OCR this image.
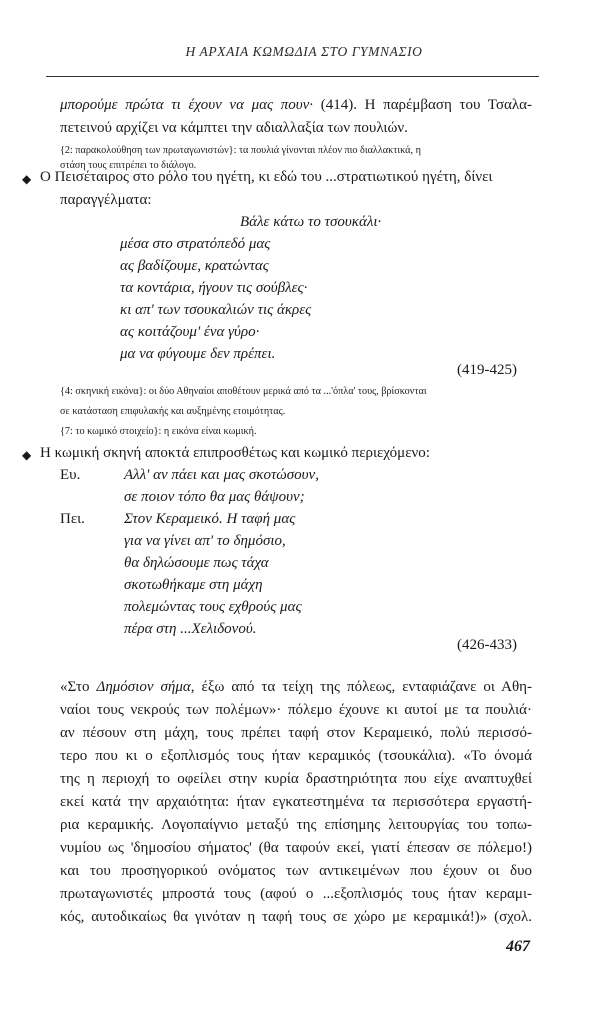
Η ΑΡΧΑΙΑ ΚΩΜΩΔΙΑ ΣΤΟ ΓΥΜΝΑΣΙΟ
μπορούμε πρώτα τι έχουν να μας πουν· (414). Η παρέμβαση του Τσαλα-
πετεινού αρχίζει να κάμπτει την αδιαλλαξία των πουλιών.
{2: παρακολούθηση των πρωταγωνιστών}: τα πουλιά γίνονται πλέον πιο διαλλακτικά, η
στάση τους επιτρέπει το διάλογο.
◆ Ο Πεισέταιρος στο ρόλο του ηγέτη, κι εδώ του ...στρατιωτικού ηγέτη, δίνει
παραγγέλματα:
Βάλε κάτω το τσουκάλι·
μέσα στο στρατόπεδό μας
ας βαδίζουμε, κρατώντας
τα κοντάρια, ήγουν τις σούβλες·
κι απ' των τσουκαλιών τις άκρες
ας κοιτάζουμ' ένα γύρο·
μα να φύγουμε δεν πρέπει.
(419-425)
{4: σκηνική εικόνα}: οι δύο Αθηναίοι αποθέτουν μερικά από τα ...'όπλα' τους, βρίσκονται
σε κατάσταση επιφυλακής και αυξημένης ετοιμότητας.
{7: το κωμικό στοιχείο}: η εικόνα είναι κωμική.
◆ Η κωμική σκηνή αποκτά επιπροσθέτως και κωμικό περιεχόμενο:
Ευ.	Αλλ' αν πάει και μας σκοτώσουν,
σε ποιον τόπο θα μας θάψουν;
Πει.	Στον Κεραμεικό. Η ταφή μας
για να γίνει απ' το δημόσιο,
θα δηλώσουμε πως τάχα
σκοτωθήκαμε στη μάχη
πολεμώντας τους εχθρούς μας
πέρα στη ...Χελιδονού.
(426-433)
«Στο Δημόσιον σήμα, έξω από τα τείχη της πόλεως, ενταφιάζανε οι Αθη-
ναίοι τους νεκρούς των πολέμων»· πόλεμο έχουνε κι αυτοί με τα πουλιά·
αν πέσουν στη μάχη, τους πρέπει ταφή στον Κεραμεικό, πολύ περισσό-
τερο που κι ο εξοπλισμός τους ήταν κεραμικός (τσουκάλια). «Το όνομά
της η περιοχή το οφείλει στην κυρία δραστηριότητα που είχε αναπτυχθεί
εκεί κατά την αρχαιότητα: ήταν εγκατεστημένα τα περισσότερα εργαστή-
ρια κεραμικής. Λογοπαίγνιο μεταξύ της επίσημης λειτουργίας του τοπω-
νυμίου ως 'δημοσίου σήματος' (θα ταφούν εκεί, γιατί έπεσαν σε πόλεμο!)
και του προσηγορικού ονόματος των αντικειμένων που έχουν οι δυο
πρωταγωνιστές μπροστά τους (αφού ο ...εξοπλισμός τους ήταν κεραμι-
κός, αυτοδικαίως θα γινόταν η ταφή τους σε χώρο με κεραμικά!)» (σχολ.
467
